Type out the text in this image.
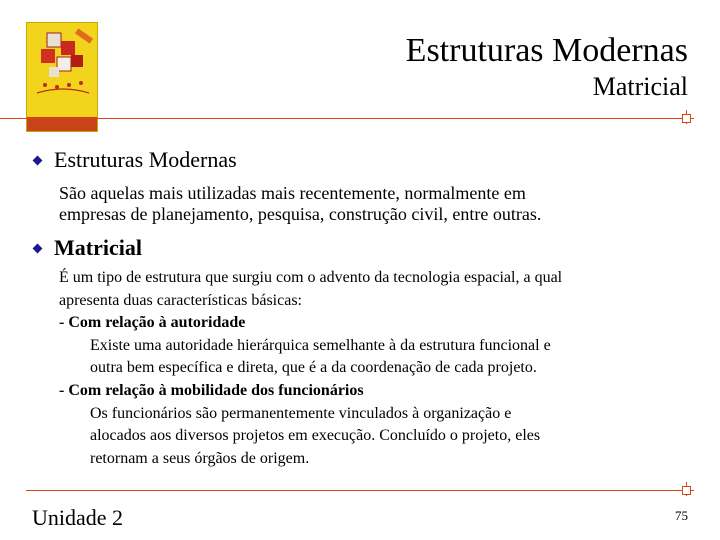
Estruturas Modernas
Matricial
Estruturas Modernas
São aquelas mais utilizadas mais recentemente, normalmente em
empresas de planejamento, pesquisa, construção civil, entre outras.
Matricial
É um tipo de estrutura que surgiu com o advento da tecnologia espacial, a qual
apresenta duas características básicas:
- Com relação à autoridade
Existe uma autoridade hierárquica semelhante à da estrutura funcional e
outra bem específica e direta, que é a da coordenação de cada projeto.
- Com relação à mobilidade dos funcionários
Os funcionários são permanentemente vinculados à organização e
alocados aos diversos projetos em execução. Concluído o projeto, eles
retornam a seus órgãos de origem.
Unidade 2	75
